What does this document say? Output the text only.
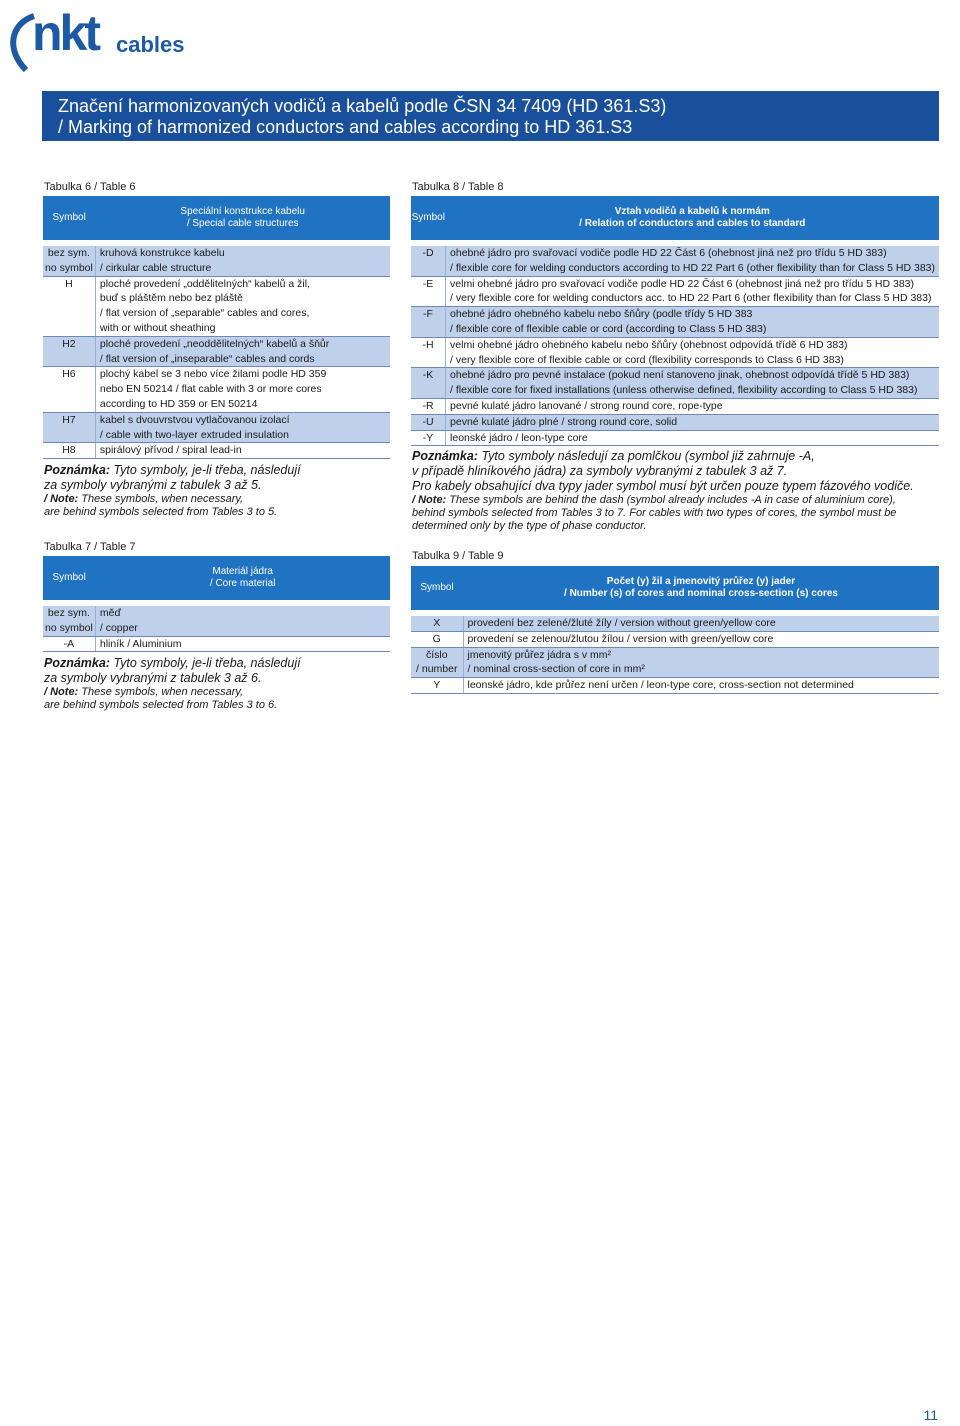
nkt cables
Značení harmonizovaných vodičů a kabelů podle ČSN 34 7409 (HD 361.S3)
/ Marking of harmonized conductors and cables according to HD 361.S3
Tabulka 6 / Table 6
Symbol	Speciální konstrukce kabelu
/ Special cable structures

bez sym.	kruhová konstrukce kabelu
no symbol	/ cirkular cable structure
H	ploché provedení „oddělitelných“ kabelů a žil,
	buď s pláštěm nebo bez pláště
	/ flat version of „separable“ cables and cores,
	with or without sheathing
H2	ploché provedení „neoddělitelných“ kabelů a šňůr
	/ flat version of „inseparable“ cables and cords
H6	plochý kabel se 3 nebo více žilami podle HD 359
	nebo EN 50214 / flat cable with 3 or more cores
	according to HD 359 or EN 50214
H7	kabel s dvouvrstvou vytlačovanou izolací
	/ cable with two-layer extruded insulation
H8	spirálový přívod / spiral lead-in
Poznámka: Tyto symboly, je-li třeba, následují
za symboly vybranými z tabulek 3 až 5.
/ Note: These symbols, when necessary,
are behind symbols selected from Tables 3 to 5.
Tabulka 7 / Table 7
Symbol	Materiál jádra
/ Core material

bez sym.	měď
no symbol	/ copper
-A	hliník / Aluminium
Poznámka: Tyto symboly, je-li třeba, následují
za symboly vybranými z tabulek 3 až 6.
/ Note: These symbols, when necessary,
are behind symbols selected from Tables 3 to 6.
Tabulka 8 / Table 8
Symbol	Vztah vodičů a kabelů k normám
/ Relation of conductors and cables to standard

-D	ohebné jádro pro svařovací vodiče podle HD 22 Část 6 (ohebnost jiná než pro třídu 5 HD 383)
	/ flexible core for welding conductors according to HD 22 Part 6 (other flexibility than for Class 5 HD 383)
-E	velmi ohebné jádro pro svařovací vodiče podle HD 22 Část 6 (ohebnost jiná než pro třídu 5 HD 383)
	/ very flexible core for welding conductors acc. to HD 22 Part 6 (other flexibility than for Class 5 HD 383)
-F	ohebné jádro ohebného kabelu nebo šňůry (podle třídy 5 HD 383
	/ flexible core of flexible cable or cord (according to Class 5 HD 383)
-H	velmi ohebné jádro ohebného kabelu nebo šňůry (ohebnost odpovídá třídě 6 HD 383)
	/ very flexible core of flexible cable or cord (flexibility corresponds to Class 6 HD 383)
-K	ohebné jádro pro pevné instalace (pokud není stanoveno jinak, ohebnost odpovídá třídě 5 HD 383)
	/ flexible core for fixed installations (unless otherwise defined, flexibility according to Class 5 HD 383)
-R	pevné kulaté jádro lanované / strong round core, rope-type
-U	pevné kulaté jádro plné / strong round core, solid
-Y	leonské jádro / leon-type core
Poznámka: Tyto symboly následují za pomlčkou (symbol již zahrnuje -A,
v případě hliníkového jádra) za symboly vybranými z tabulek 3 až 7.
Pro kabely obsahující dva typy jader symbol musí být určen pouze typem fázového vodiče.
/ Note: These symbols are behind the dash (symbol already includes -A in case of aluminium core),
behind symbols selected from Tables 3 to 7. For cables with two types of cores, the symbol must be
determined only by the type of phase conductor.
Tabulka 9 / Table 9
Symbol	Počet (y) žil a jmenovitý průřez (y) jader
/ Number (s) of cores and nominal cross-section (s) cores

X	provedení bez zelené/žluté žíly / version without green/yellow core
G	provedení se zelenou/žlutou žílou / version with green/yellow core
číslo	jmenovitý průřez jádra s v mm²
/ number	/ nominal cross-section of core in mm²
Y	leonské jádro, kde průřez není určen / leon-type core, cross-section not determined
11
